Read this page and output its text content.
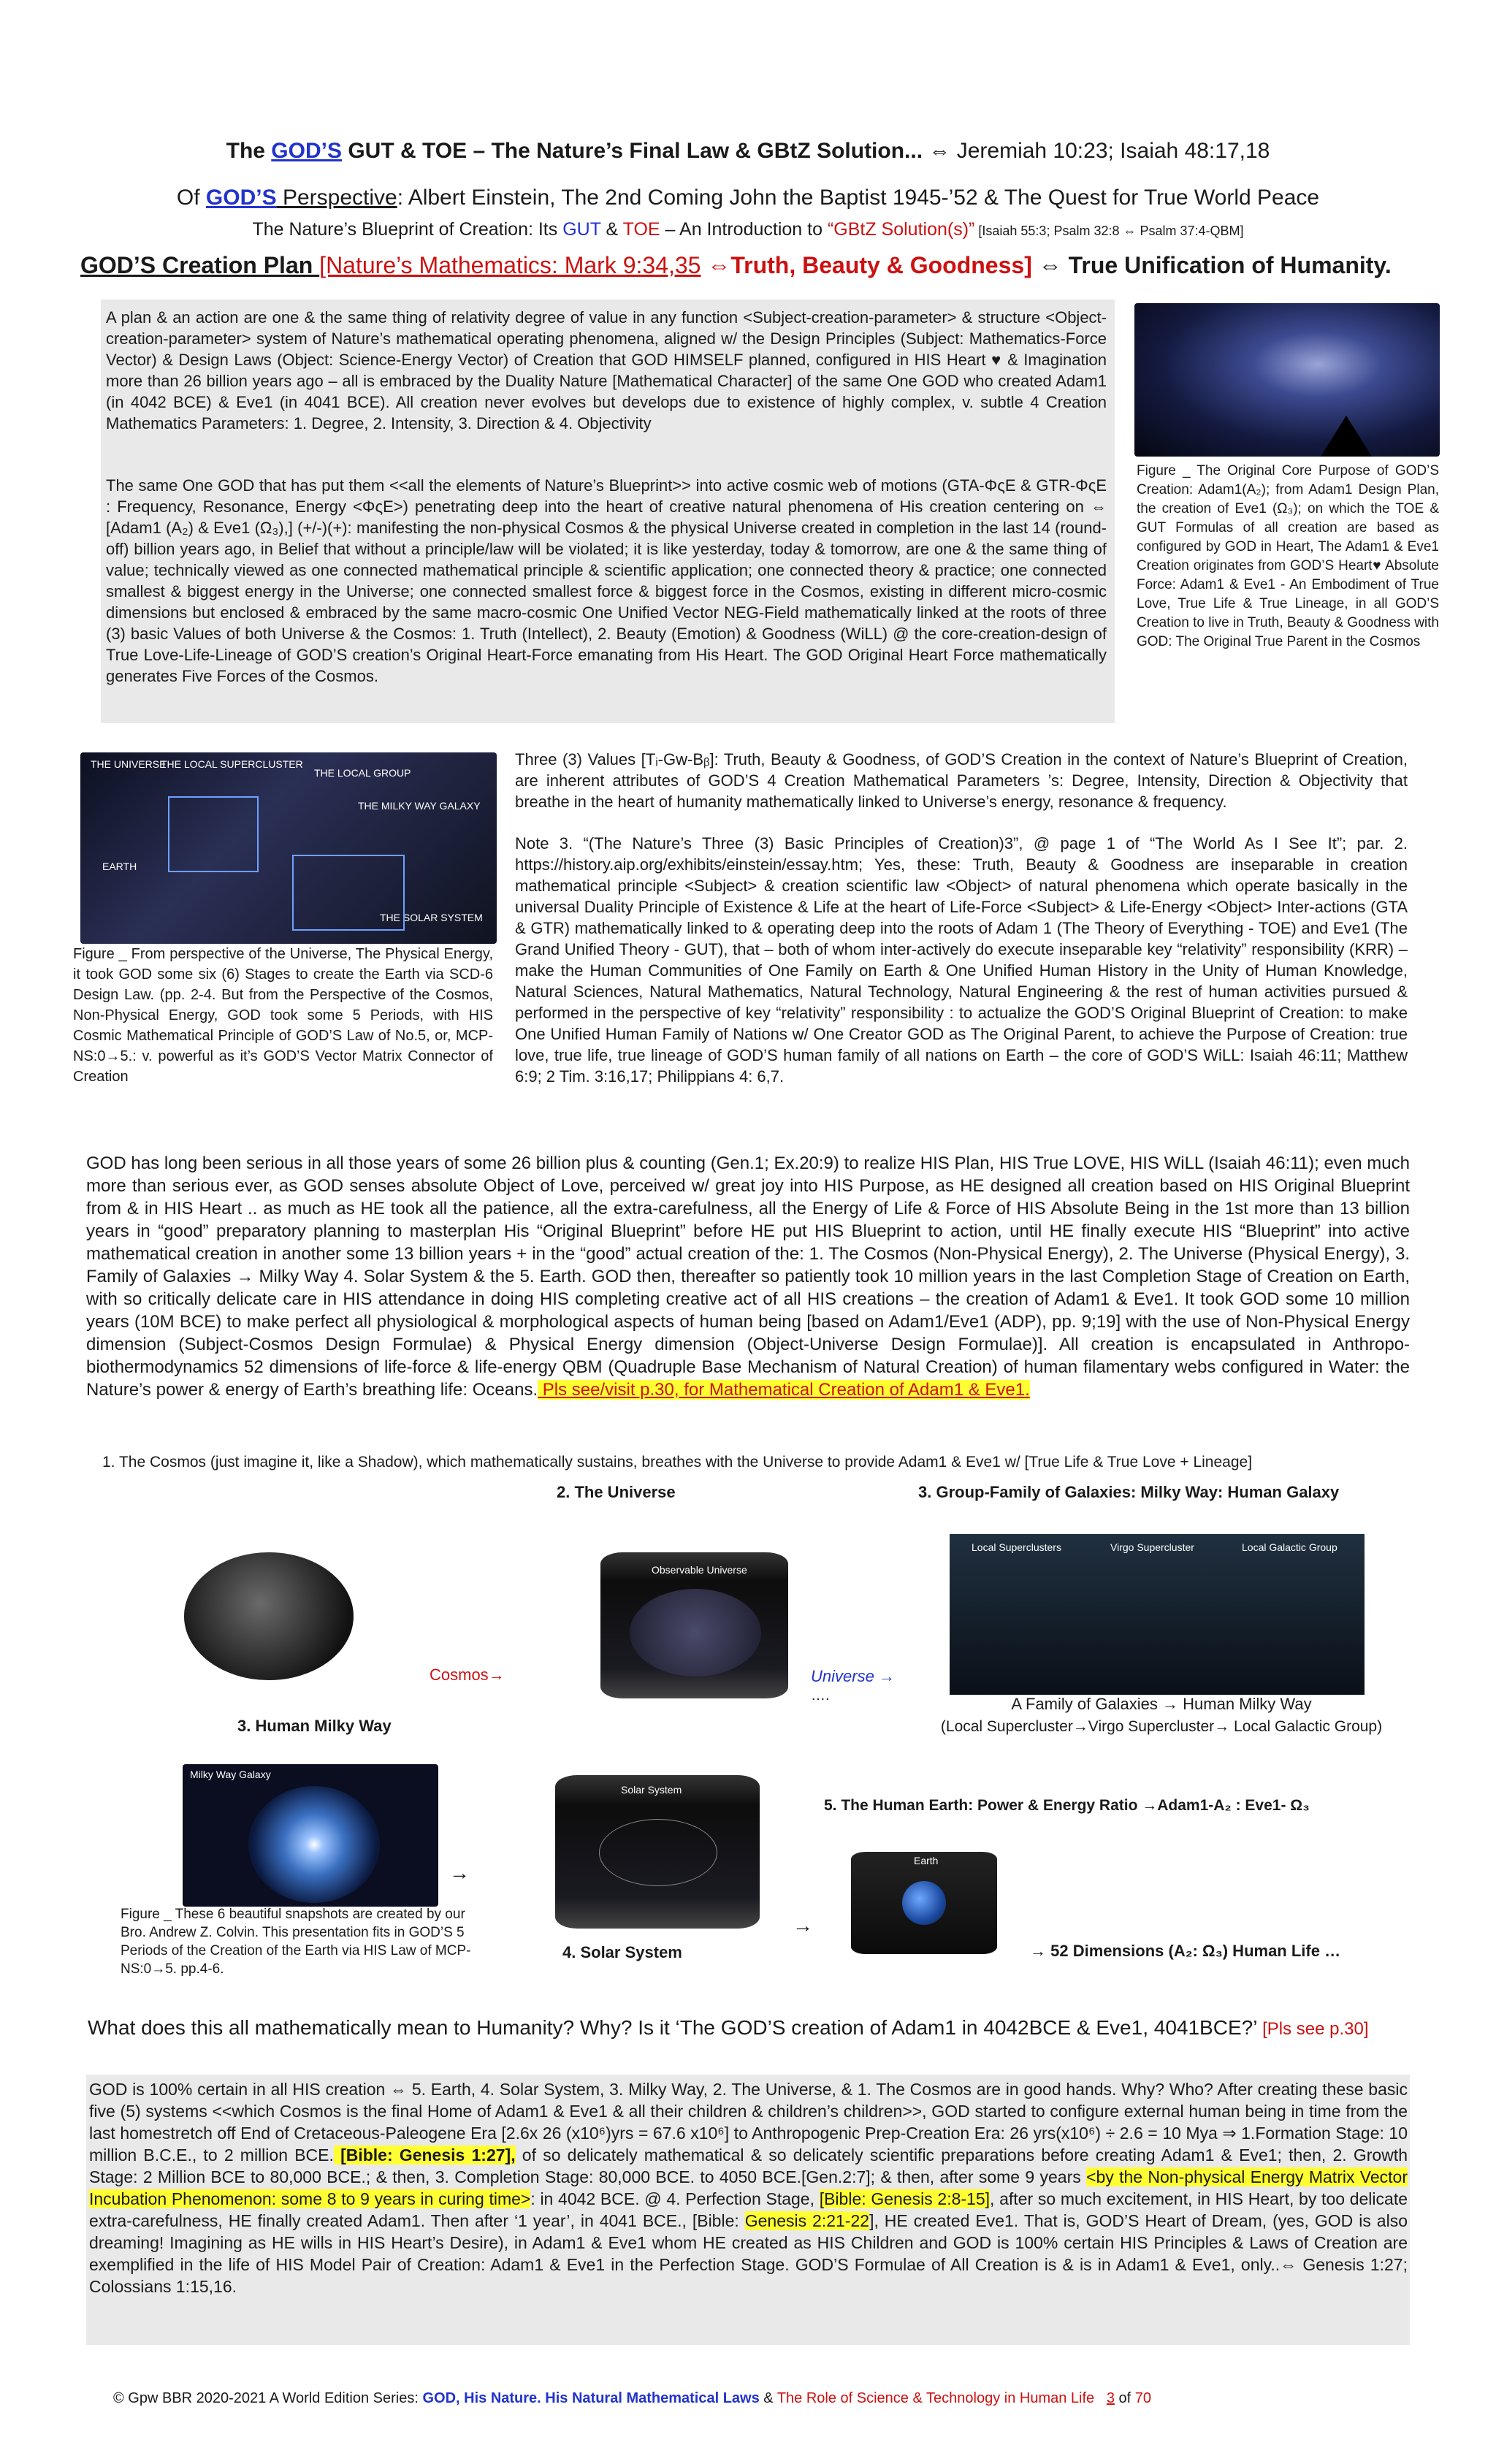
The GOD’S GUT & TOE – The Nature’s Final Law & GBtZ Solution... ⇔ Jeremiah 10:23; Isaiah 48:17,18
Of GOD’S Perspective: Albert Einstein, The 2nd Coming John the Baptist 1945-’52 & The Quest for True World Peace
The Nature’s Blueprint of Creation: Its GUT & TOE – An Introduction to “GBtZ Solution(s)” [Isaiah 55:3; Psalm 32:8 ⇔ Psalm 37:4-QBM]
GOD’S Creation Plan [Nature’s Mathematics: Mark 9:34,35 ⇔Truth, Beauty & Goodness] ⇔ True Unification of Humanity.
A plan & an action are one & the same thing of relativity degree of value in any function <Subject-creation-parameter> & structure <Object-creation-parameter> system of Nature’s mathematical operating phenomena, aligned w/ the Design Principles (Subject: Mathematics-Force Vector) & Design Laws (Object: Science-Energy Vector) of Creation that GOD HIMSELF planned, configured in HIS Heart ♥ & Imagination more than 26 billion years ago – all is embraced by the Duality Nature [Mathematical Character] of the same One GOD who created Adam1 (in 4042 BCE) & Eve1 (in 4041 BCE). All creation never evolves but develops due to existence of highly complex, v. subtle 4 Creation Mathematics Parameters: 1. Degree, 2. Intensity, 3. Direction & 4. Objectivity
The same One GOD that has put them <<all the elements of Nature’s Blueprint>> into active cosmic web of motions (GTA-ΦςE & GTR-ΦςE : Frequency, Resonance, Energy <ΦςE>) penetrating deep into the heart of creative natural phenomena of His creation centering on ⇔ [Adam1 (A₂) & Eve1 (Ω₃),] (+/-)(+): manifesting the non-physical Cosmos & the physical Universe created in completion in the last 14 (round-off) billion years ago, in Belief that without a principle/law will be violated; it is like yesterday, today & tomorrow, are one & the same thing of value; technically viewed as one connected mathematical principle & scientific application; one connected theory & practice; one connected smallest & biggest energy in the Universe; one connected smallest force & biggest force in the Cosmos, existing in different micro-cosmic dimensions but enclosed & embraced by the same macro-cosmic One Unified Vector NEG-Field mathematically linked at the roots of three (3) basic Values of both Universe & the Cosmos: 1. Truth (Intellect), 2. Beauty (Emotion) & Goodness (WiLL) @ the core-creation-design of True Love-Life-Lineage of GOD’S creation’s Original Heart-Force emanating from His Heart. The GOD Original Heart Force mathematically generates Five Forces of the Cosmos.
Figure _ The Original Core Purpose of GOD’S Creation: Adam1(A₂); from Adam1 Design Plan, the creation of Eve1 (Ω₃); on which the TOE & GUT Formulas of all creation are based as configured by GOD in Heart, The Adam1 & Eve1 Creation originates from GOD’S Heart♥ Absolute Force: Adam1 & Eve1 - An Embodiment of True Love, True Life & True Lineage, in all GOD’S Creation to live in Truth, Beauty & Goodness with GOD: The Original True Parent in the Cosmos
THE UNIVERSE
THE LOCAL SUPERCLUSTER
THE LOCAL GROUP
THE MILKY WAY GALAXY
EARTH
THE SOLAR SYSTEM
Figure _ From perspective of the Universe, The Physical Energy, it took GOD some six (6) Stages to create the Earth via SCD-6 Design Law. (pp. 2-4. But from the Perspective of the Cosmos, Non-Physical Energy, GOD took some 5 Periods, with HIS Cosmic Mathematical Principle of GOD’S Law of No.5, or, MCP-NS:0→5.: v. powerful as it’s GOD’S Vector Matrix Connector of Creation
Three (3) Values [Tᵢ-Gw-Bᵦ]: Truth, Beauty & Goodness, of GOD’S Creation in the context of Nature’s Blueprint of Creation, are inherent attributes of GOD’S 4 Creation Mathematical Parameters ’s: Degree, Intensity, Direction & Objectivity that breathe in the heart of humanity mathematically linked to Universe’s energy, resonance & frequency.
Note 3. “(The Nature’s Three (3) Basic Principles of Creation)3”, @ page 1 of “The World As I See It”; par. 2. https://history.aip.org/exhibits/einstein/essay.htm; Yes, these: Truth, Beauty & Goodness are inseparable in creation mathematical principle <Subject> & creation scientific law <Object> of natural phenomena which operate basically in the universal Duality Principle of Existence & Life at the heart of Life-Force <Subject> & Life-Energy <Object> Inter-actions (GTA & GTR) mathematically linked to & operating deep into the roots of Adam 1 (The Theory of Everything - TOE) and Eve1 (The Grand Unified Theory - GUT), that – both of whom inter-actively do execute inseparable key “relativity” responsibility (KRR) – make the Human Communities of One Family on Earth & One Unified Human History in the Unity of Human Knowledge, Natural Sciences, Natural Mathematics, Natural Technology, Natural Engineering & the rest of human activities pursued & performed in the perspective of key “relativity” responsibility : to actualize the GOD’S Original Blueprint of Creation: to make One Unified Human Family of Nations w/ One Creator GOD as The Original Parent, to achieve the Purpose of Creation: true love, true life, true lineage of GOD’S human family of all nations on Earth – the core of GOD’S WiLL: Isaiah 46:11; Matthew 6:9; 2 Tim. 3:16,17; Philippians 4: 6,7.
GOD has long been serious in all those years of some 26 billion plus & counting (Gen.1; Ex.20:9) to realize HIS Plan, HIS True LOVE, HIS WiLL (Isaiah 46:11); even much more than serious ever, as GOD senses absolute Object of Love, perceived w/ great joy into HIS Purpose, as HE designed all creation based on HIS Original Blueprint from & in HIS Heart .. as much as HE took all the patience, all the extra-carefulness, all the Energy of Life & Force of HIS Absolute Being in the 1st more than 13 billion years in “good” preparatory planning to masterplan His “Original Blueprint” before HE put HIS Blueprint to action, until HE finally execute HIS “Blueprint” into active mathematical creation in another some 13 billion years + in the “good” actual creation of the: 1. The Cosmos (Non-Physical Energy), 2. The Universe (Physical Energy), 3. Family of Galaxies → Milky Way 4. Solar System & the 5. Earth. GOD then, thereafter so patiently took 10 million years in the last Completion Stage of Creation on Earth, with so critically delicate care in HIS attendance in doing HIS completing creative act of all HIS creations – the creation of Adam1 & Eve1. It took GOD some 10 million years (10M BCE) to make perfect all physiological & morphological aspects of human being [based on Adam1/Eve1 (ADP), pp. 9;19] with the use of Non-Physical Energy dimension (Subject-Cosmos Design Formulae) & Physical Energy dimension (Object-Universe Design Formulae)]. All creation is encapsulated in Anthropo-biothermodynamics 52 dimensions of life-force & life-energy QBM (Quadruple Base Mechanism of Natural Creation) of human filamentary webs configured in Water: the Nature’s power & energy of Earth’s breathing life: Oceans. Pls see/visit p.30, for Mathematical Creation of Adam1 & Eve1.
1. The Cosmos (just imagine it, like a Shadow), which mathematically sustains, breathes with the Universe to provide Adam1 & Eve1 w/ [True Life & True Love + Lineage]
2. The Universe	3. Group-Family of Galaxies: Milky Way: Human Galaxy
Cosmos→
Observable Universe
Universe →
….
Local Superclusters	Virgo Supercluster	Local Galactic Group
A Family of Galaxies → Human Milky Way
(Local Supercluster→Virgo Supercluster→ Local Galactic Group)
3. Human Milky Way
Milky Way Galaxy
→
Solar System
5. The Human Earth: Power & Energy Ratio →Adam1-A₂ : Eve1- Ω₃
Earth
→
4. Solar System	→ 52 Dimensions (A₂: Ω₃) Human Life …
Figure _ These 6 beautiful snapshots are created by our Bro. Andrew Z. Colvin. This presentation fits in GOD’S 5 Periods of the Creation of the Earth via HIS Law of MCP-NS:0→5. pp.4-6.
What does this all mathematically mean to Humanity? Why? Is it ‘The GOD’S creation of Adam1 in 4042BCE & Eve1, 4041BCE?’ [Pls see p.30]
GOD is 100% certain in all HIS creation ⇔ 5. Earth, 4. Solar System, 3. Milky Way, 2. The Universe, & 1. The Cosmos are in good hands. Why? Who? After creating these basic five (5) systems <<which Cosmos is the final Home of Adam1 & Eve1 & all their children & children’s children>>, GOD started to configure external human being in time from the last homestretch off End of Cretaceous-Paleogene Era [2.6x 26 (x10⁶)yrs = 67.6 x10⁶] to Anthropogenic Prep-Creation Era: 26 yrs(x10⁶) ÷ 2.6 = 10 Mya ⇒ 1.Formation Stage: 10 million B.C.E., to 2 million BCE. [Bible: Genesis 1:27], of so delicately mathematical & so delicately scientific preparations before creating Adam1 & Eve1; then, 2. Growth Stage: 2 Million BCE to 80,000 BCE.; & then, 3. Completion Stage: 80,000 BCE. to 4050 BCE.[Gen.2:7]; & then, after some 9 years <by the Non-physical Energy Matrix Vector Incubation Phenomenon: some 8 to 9 years in curing time>: in 4042 BCE. @ 4. Perfection Stage, [Bible: Genesis 2:8-15], after so much excitement, in HIS Heart, by too delicate extra-carefulness, HE finally created Adam1. Then after ‘1 year’, in 4041 BCE., [Bible: Genesis 2:21-22], HE created Eve1. That is, GOD’S Heart of Dream, (yes, GOD is also dreaming! Imagining as HE wills in HIS Heart’s Desire), in Adam1 & Eve1 whom HE created as HIS Children and GOD is 100% certain HIS Principles & Laws of Creation are exemplified in the life of HIS Model Pair of Creation: Adam1 & Eve1 in the Perfection Stage. GOD’S Formulae of All Creation is & is in Adam1 & Eve1, only..⇔ Genesis 1:27; Colossians 1:15,16.
© Gpw BBR 2020-2021 A World Edition Series: GOD, His Nature. His Natural Mathematical Laws & The Role of Science & Technology in Human Life 3 of 70
